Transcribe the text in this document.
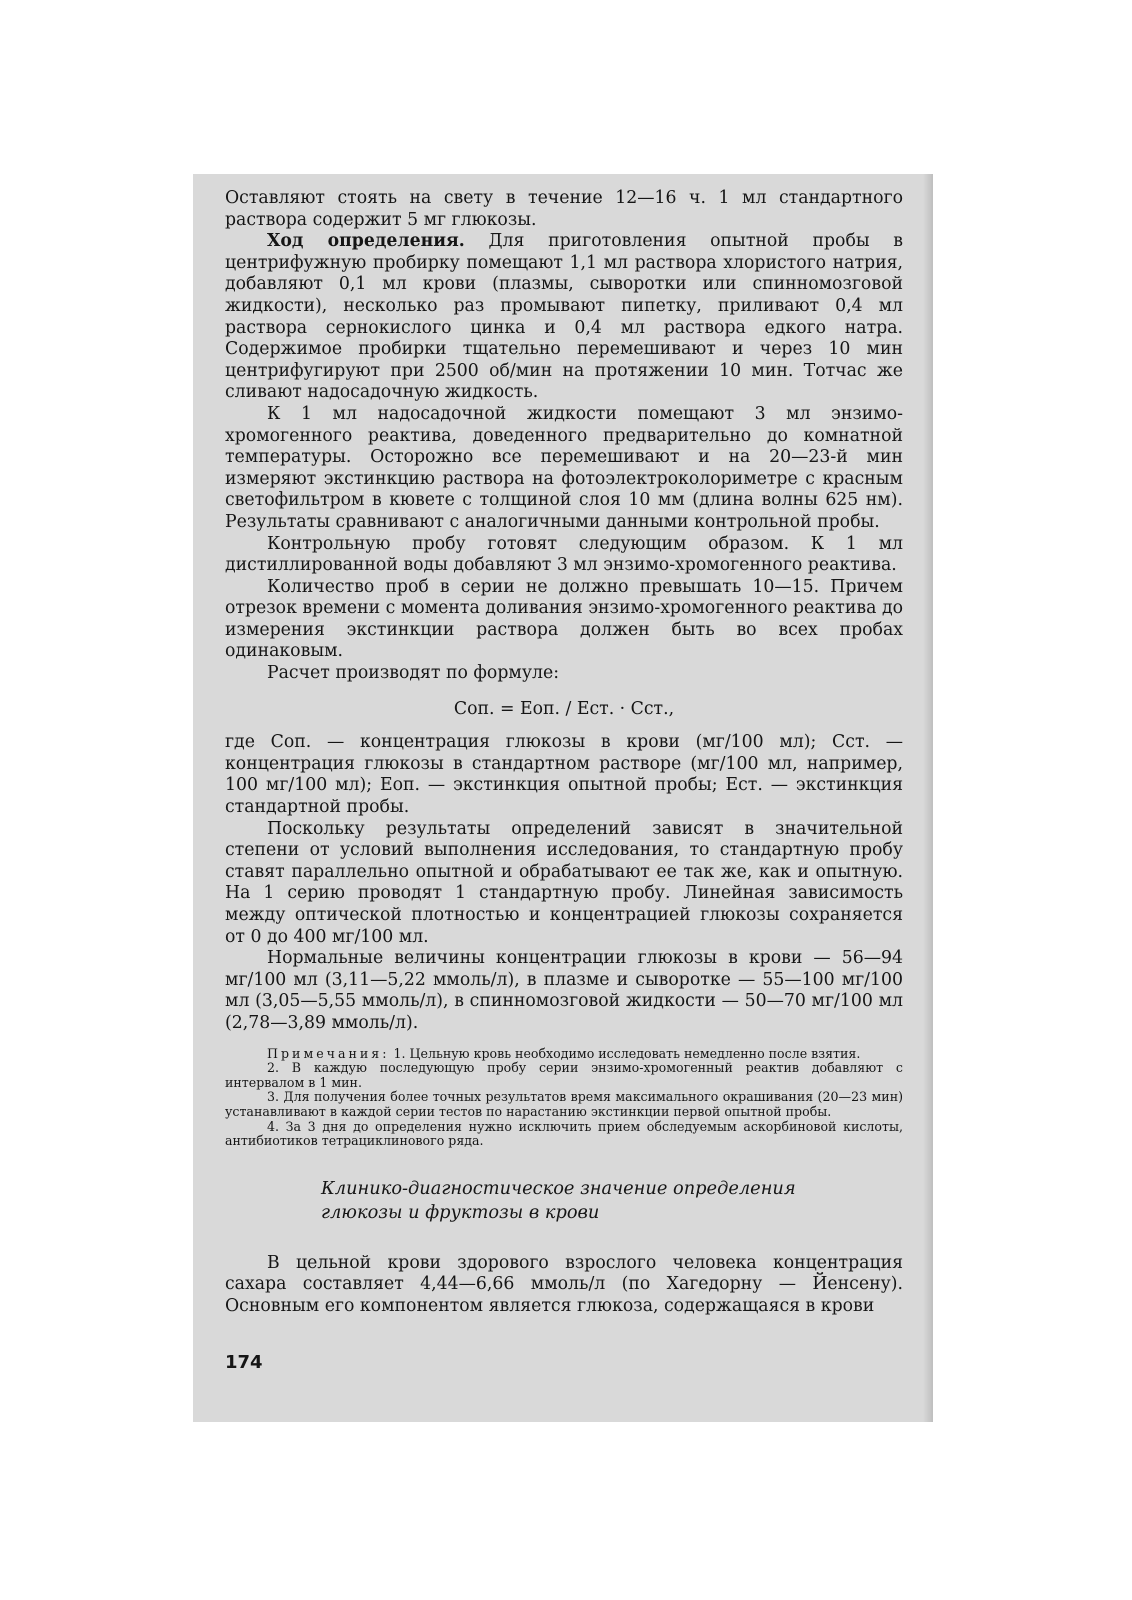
Оставляют стоять на свету в течение 12—16 ч. 1 мл стандартного раствора содержит 5 мг глюкозы.

Ход определения. Для приготовления опытной пробы в центрифужную пробирку помещают 1,1 мл раствора хлористого натрия, добавляют 0,1 мл крови (плазмы, сыворотки или спинномозговой жидкости), несколько раз промывают пипетку, приливают 0,4 мл раствора сернокислого цинка и 0,4 мл раствора едкого натра. Содержимое пробирки тщательно перемешивают и через 10 мин центрифугируют при 2500 об/мин на протяжении 10 мин. Тотчас же сливают надосадочную жидкость.

К 1 мл надосадочной жидкости помещают 3 мл энзимо-хромогенного реактива, доведенного предварительно до комнатной температуры. Осторожно все перемешивают и на 20—23-й мин измеряют экстинкцию раствора на фотоэлектроколориметре с красным светофильтром в кювете с толщиной слоя 10 мм (длина волны 625 нм). Результаты сравнивают с аналогичными данными контрольной пробы.

Контрольную пробу готовят следующим образом. К 1 мл дистиллированной воды добавляют 3 мл энзимо-хромогенного реактива.

Количество проб в серии не должно превышать 10—15. Причем отрезок времени с момента доливания энзимо-хромогенного реактива до измерения экстинкции раствора должен быть во всех пробах одинаковым.

Расчет производят по формуле:

Cоп. = Eоп. / Eст. · Cст.,

где Cоп. — концентрация глюкозы в крови (мг/100 мл); Cст. — концентрация глюкозы в стандартном растворе (мг/100 мл, например, 100 мг/100 мл); Eоп. — экстинкция опытной пробы; Eст. — экстинкция стандартной пробы.

Поскольку результаты определений зависят в значительной степени от условий выполнения исследования, то стандартную пробу ставят параллельно опытной и обрабатывают ее так же, как и опытную. На 1 серию проводят 1 стандартную пробу. Линейная зависимость между оптической плотностью и концентрацией глюкозы сохраняется от 0 до 400 мг/100 мл.

Нормальные величины концентрации глюкозы в крови — 56—94 мг/100 мл (3,11—5,22 ммоль/л), в плазме и сыворотке — 55—100 мг/100 мл (3,05—5,55 ммоль/л), в спинномозговой жидкости — 50—70 мг/100 мл (2,78—3,89 ммоль/л).

Примечания: 1. Цельную кровь необходимо исследовать немедленно после взятия.

2. В каждую последующую пробу серии энзимо-хромогенный реактив добавляют с интервалом в 1 мин.

3. Для получения более точных результатов время максимального окрашивания (20—23 мин) устанавливают в каждой серии тестов по нарастанию экстинкции первой опытной пробы.

4. За 3 дня до определения нужно исключить прием обследуемым аскорбиновой кислоты, антибиотиков тетрациклинового ряда.

Клинико-диагностическое значение определения

глюкозы и фруктозы в крови

В цельной крови здорового взрослого человека концентрация сахара составляет 4,44—6,66 ммоль/л (по Хагедорну — Йенсену). Основным его компонентом является глюкоза, содержащаяся в крови

174
